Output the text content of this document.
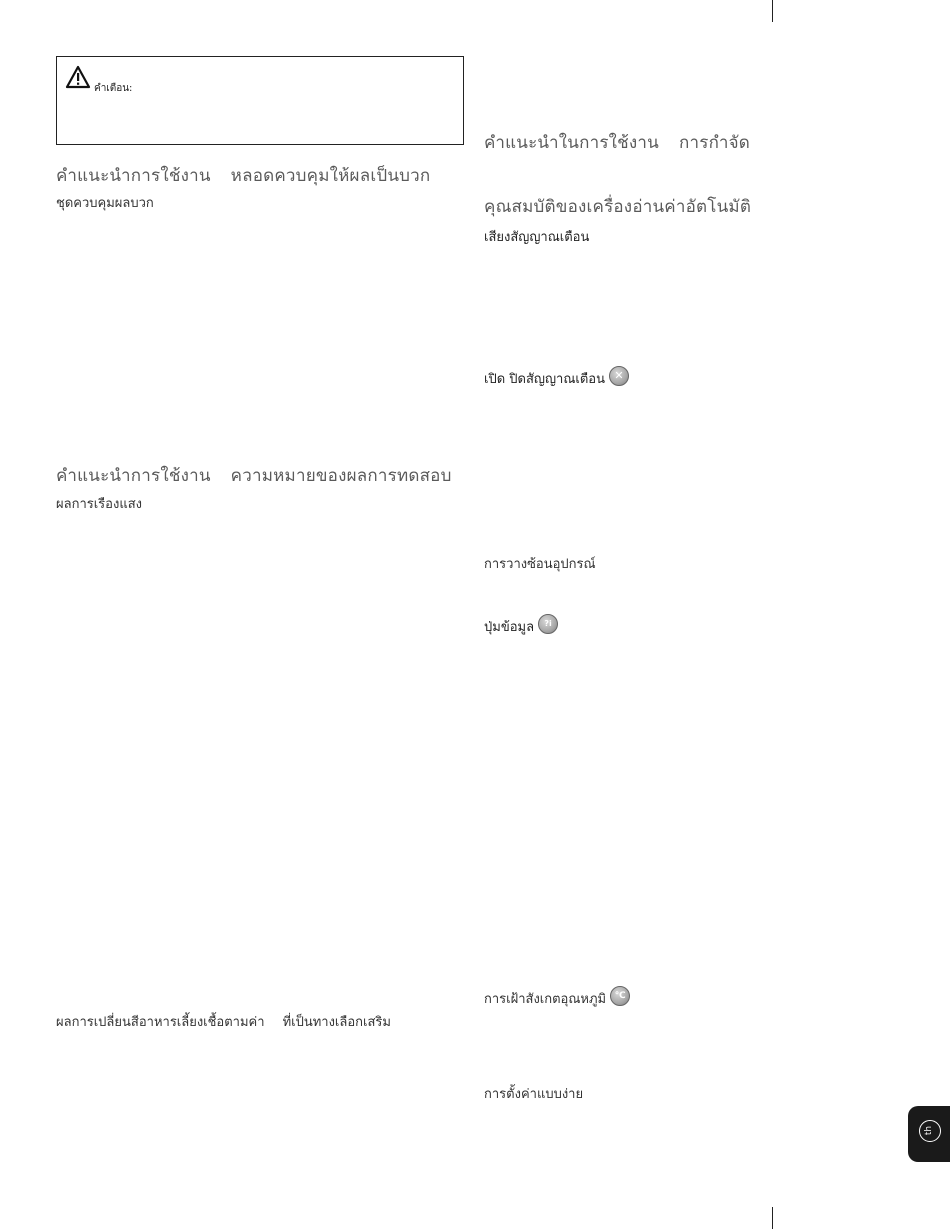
คำเตือน:
คำแนะนำการใช้งาน หลอดควบคุมให้ผลเป็นบวก
ชุดควบคุมผลบวก
คำแนะนำการใช้งาน ความหมายของผลการทดสอบ
ผลการเรืองแสง
ผลการเปลี่ยนสีอาหารเลี้ยงเชื้อตามค่า ที่เป็นทางเลือกเสริม
คำแนะนำในการใช้งาน การกำจัด
คุณสมบัติของเครื่องอ่านค่าอัตโนมัติ
เสียงสัญญาณเตือน
เปิด ปิดสัญญาณเตือน ✕
การวางซ้อนอุปกรณ์
ปุ่มข้อมูล ?i
การเฝ้าสังเกตอุณหภูมิ ℃
การตั้งค่าแบบง่าย
th
